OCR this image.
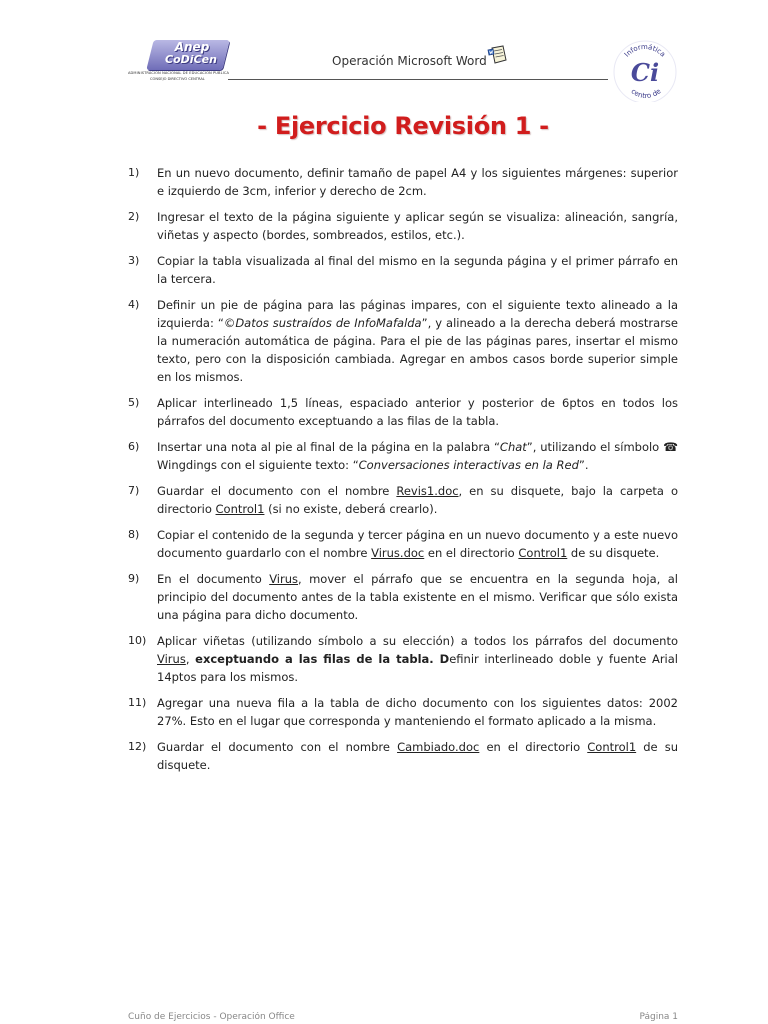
Anep
CoDiCen
ADMINISTRACIÓN NACIONAL DE EDUCACIÓN PÚBLICA
CONSEJO DIRECTIVO CENTRAL
Operación Microsoft Word	Informática
centro de
Ci
- Ejercicio Revisión 1 -
1) En un nuevo documento, definir tamaño de papel A4 y los siguientes márgenes: superior e izquierdo de 3cm, inferior y derecho de 2cm.
2) Ingresar el texto de la página siguiente y aplicar según se visualiza: alineación, sangría, viñetas y aspecto (bordes, sombreados, estilos, etc.).
3) Copiar la tabla visualizada al final del mismo en la segunda página y el primer párrafo en la tercera.
4) Definir un pie de página para las páginas impares, con el siguiente texto alineado a la izquierda: “©Datos sustraídos de InfoMafalda”, y alineado a la derecha deberá mostrarse la numeración automática de página. Para el pie de las páginas pares, insertar el mismo texto, pero con la disposición cambiada. Agregar en ambos casos borde superior simple en los mismos.
5) Aplicar interlineado 1,5 líneas, espaciado anterior y posterior de 6ptos en todos los párrafos del documento exceptuando a las filas de la tabla.
6) Insertar una nota al pie al final de la página en la palabra “Chat”, utilizando el símbolo ☎ Wingdings con el siguiente texto: “Conversaciones interactivas en la Red”.
7) Guardar el documento con el nombre Revis1.doc, en su disquete, bajo la carpeta o directorio Control1 (si no existe, deberá crearlo).
8) Copiar el contenido de la segunda y tercer página en un nuevo documento y a este nuevo documento guardarlo con el nombre Virus.doc en el directorio Control1 de su disquete.
9) En el documento Virus, mover el párrafo que se encuentra en la segunda hoja, al principio del documento antes de la tabla existente en el mismo. Verificar que sólo exista una página para dicho documento.
10) Aplicar viñetas (utilizando símbolo a su elección) a todos los párrafos del documento Virus, exceptuando a las filas de la tabla. Definir interlineado doble y fuente Arial 14ptos para los mismos.
11) Agregar una nueva fila a la tabla de dicho documento con los siguientes datos: 2002 27%. Esto en el lugar que corresponda y manteniendo el formato aplicado a la misma.
12) Guardar el documento con el nombre Cambiado.doc en el directorio Control1 de su disquete.
Cuño de Ejercicios - Operación Office	Página 1
